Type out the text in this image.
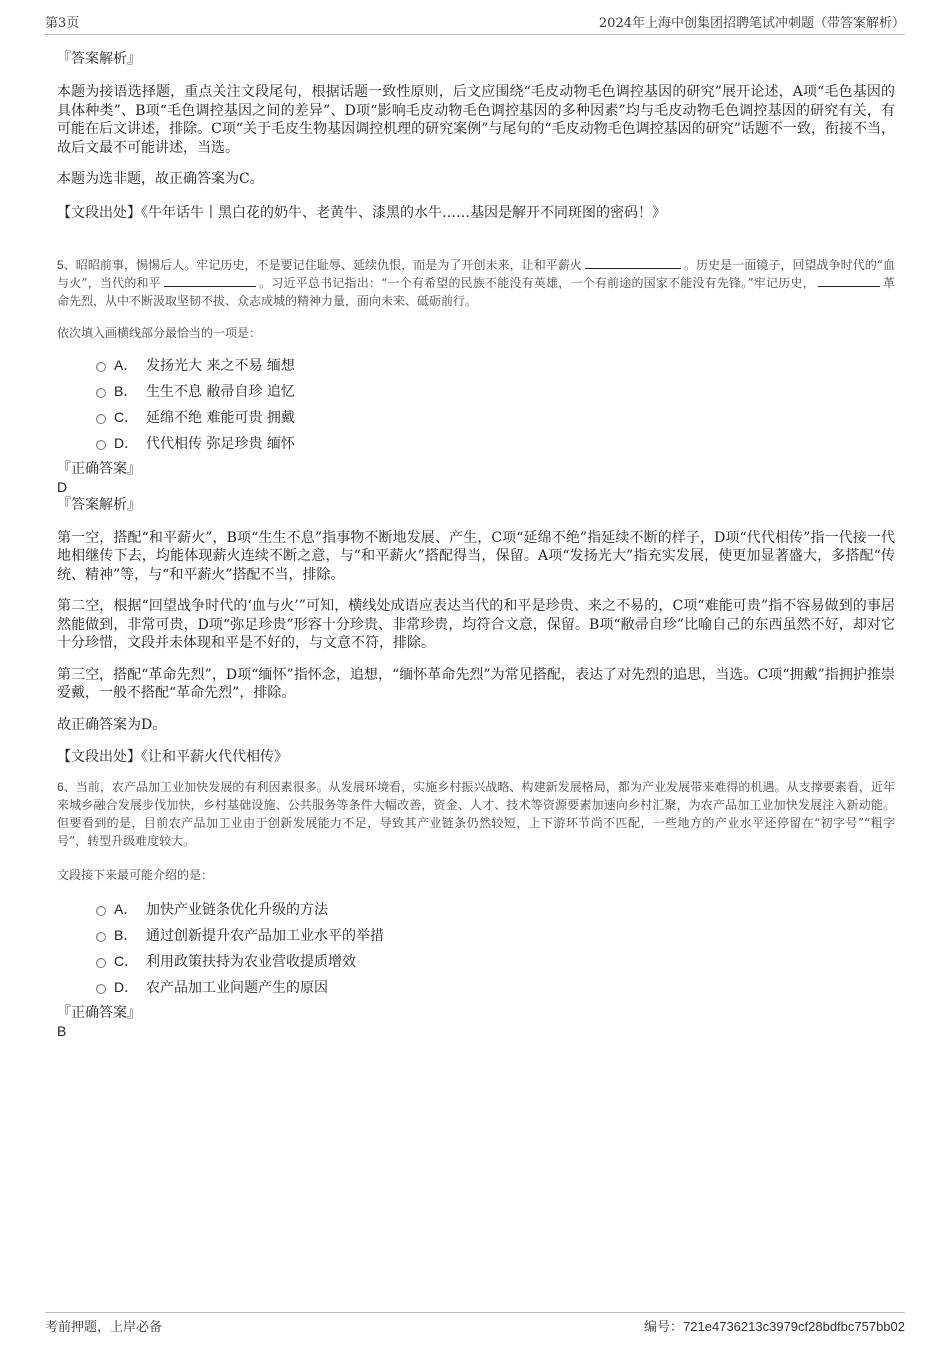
第3页	2024年上海中创集团招聘笔试冲刺题（带答案解析）
『答案解析』

本题为接语选择题，重点关注文段尾句，根据话题一致性原则，后文应围绕“毛皮动物毛色调控基因的研究”展开论述，A项“毛色基因的具体种类”、B项“毛色调控基因之间的差异”、D项“影响毛皮动物毛色调控基因的多种因素”均与毛皮动物毛色调控基因的研究有关，有可能在后文讲述，排除。C项“关于毛皮生物基因调控机理的研究案例”与尾句的“毛皮动物毛色调控基因的研究”话题不一致，衔接不当，故后文最不可能讲述，当选。

本题为选非题，故正确答案为C。

【文段出处】《牛年话牛丨黑白花的奶牛、老黄牛、漆黑的水牛……基因是解开不同斑图的密码！》

5、昭昭前事，惕惕后人。牢记历史，不是要记住耻辱、延续仇恨，而是为了开创未来，让和平薪火	。历史是一面镜子，回望战争时代的“血与火”，当代的和平	。习近平总书记指出：“一个有希望的民族不能没有英雄，一个有前途的国家不能没有先锋。”牢记历史，	革命先烈，从中不断汲取坚韧不拔、众志成城的精神力量，面向未来、砥砺前行。

依次填入画横线部分最恰当的一项是：
A． 发扬光大 来之不易 缅想
B． 生生不息 敝帚自珍 追忆
C． 延绵不绝 难能可贵 拥戴
D． 代代相传 弥足珍贵 缅怀
『正确答案』
D
『答案解析』

第一空，搭配“和平薪火”，B项“生生不息”指事物不断地发展、产生，C项“延绵不绝”指延续不断的样子，D项“代代相传”指一代接一代地相继传下去，均能体现薪火连续不断之意，与“和平薪火”搭配得当，保留。A项“发扬光大”指充实发展，使更加显著盛大，多搭配“传统、精神”等，与“和平薪火”搭配不当，排除。

第二空，根据“回望战争时代的‘血与火’”可知，横线处成语应表达当代的和平是珍贵、来之不易的，C项“难能可贵”指不容易做到的事居然能做到，非常可贵，D项“弥足珍贵”形容十分珍贵、非常珍贵，均符合文意，保留。B项“敝帚自珍”比喻自己的东西虽然不好，却对它十分珍惜，文段并未体现和平是不好的，与文意不符，排除。

第三空，搭配“革命先烈”，D项“缅怀”指怀念，追想，“缅怀革命先烈”为常见搭配，表达了对先烈的追思，当选。C项“拥戴”指拥护推崇爱戴，一般不搭配“革命先烈”，排除。

故正确答案为D。

【文段出处】《让和平薪火代代相传》

6、当前，农产品加工业加快发展的有利因素很多。从发展环境看，实施乡村振兴战略、构建新发展格局，都为产业发展带来难得的机遇。从支撑要素看，近年来城乡融合发展步伐加快，乡村基础设施、公共服务等条件大幅改善，资金、人才、技术等资源要素加速向乡村汇聚，为农产品加工业加快发展注入新动能。但要看到的是，目前农产品加工业由于创新发展能力不足，导致其产业链条仍然较短，上下游环节尚不匹配，一些地方的产业水平还停留在“初字号”“粗字号”，转型升级难度较大。

文段接下来最可能介绍的是：
A． 加快产业链条优化升级的方法
B． 通过创新提升农产品加工业水平的举措
C． 利用政策扶持为农业营收提质增效
D． 农产品加工业问题产生的原因
『正确答案』
B
考前押题，上岸必备	编号：721e4736213c3979cf28bdfbc757bb02
